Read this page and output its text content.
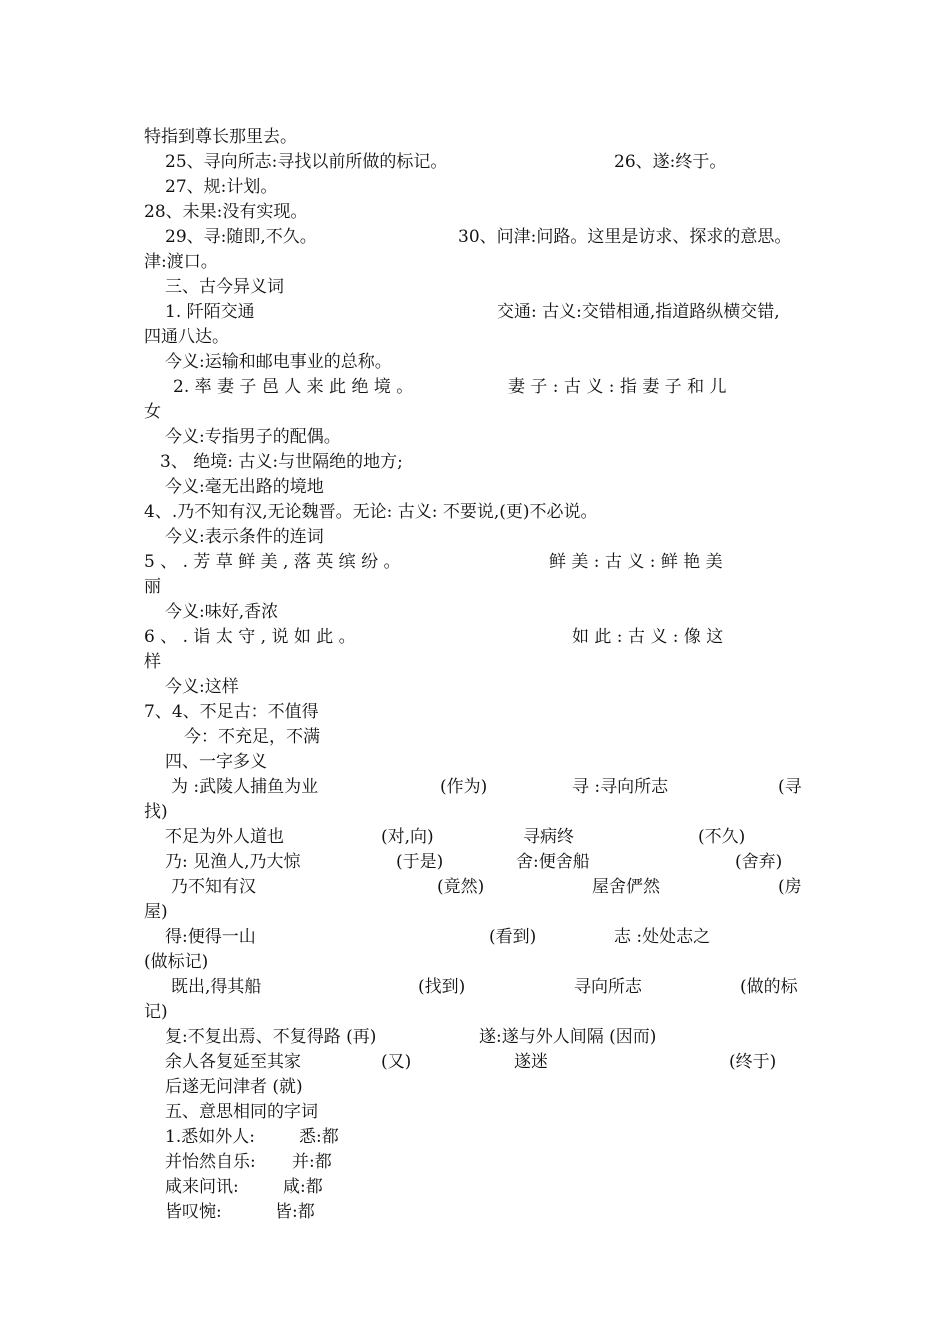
特指到尊长那里去。
25、寻向所志:寻找以前所做的标记。	26、遂:终于。
27、规:计划。
28、未果:没有实现。
29、寻:随即,不久。	30、问津:问路。这里是访求、探求的意思。
津:渡口。
三、古今异义词
1. 阡陌交通	交通: 古义:交错相通,指道路纵横交错,
四通八达。
今义:运输和邮电事业的总称。
2. 率 妻 子 邑 人 来 此 绝 境 。	妻 子 : 古 义 : 指 妻 子 和 儿
女
今义:专指男子的配偶。
3、 绝境: 古义:与世隔绝的地方;
今义:毫无出路的境地
4、.乃不知有汉,无论魏晋。无论: 古义: 不要说,(更)不必说。
今义:表示条件的连词
5 、 . 芳 草 鲜 美 , 落 英 缤 纷 。	鲜 美 : 古 义 : 鲜 艳 美
丽
今义:味好,香浓
6 、 . 诣 太 守 , 说 如 此 。	如 此 : 古 义 : 像 这
样
今义:这样
7、4、不足古：不值得
今：不充足，不满
四、一字多义
为 :武陵人捕鱼为业	(作为)	寻 :寻向所志	(寻
找)
不足为外人道也	(对,向)	寻病终	(不久)
乃: 见渔人,乃大惊	(于是)	舍:便舍船	(舍弃)
乃不知有汉	(竟然)	屋舍俨然	(房
屋)
得:便得一山	(看到)	志 :处处志之
(做标记)
既出,得其船	(找到)	寻向所志	(做的标
记)
复:不复出焉、不复得路 (再)	遂:遂与外人间隔 (因而)
余人各复延至其家	(又)	遂迷	(终于)
后遂无问津者 (就)
五、意思相同的字词
1.悉如外人:	悉:都
并怡然自乐: 并:都
咸来问讯:	咸:都
皆叹惋:	皆:都
